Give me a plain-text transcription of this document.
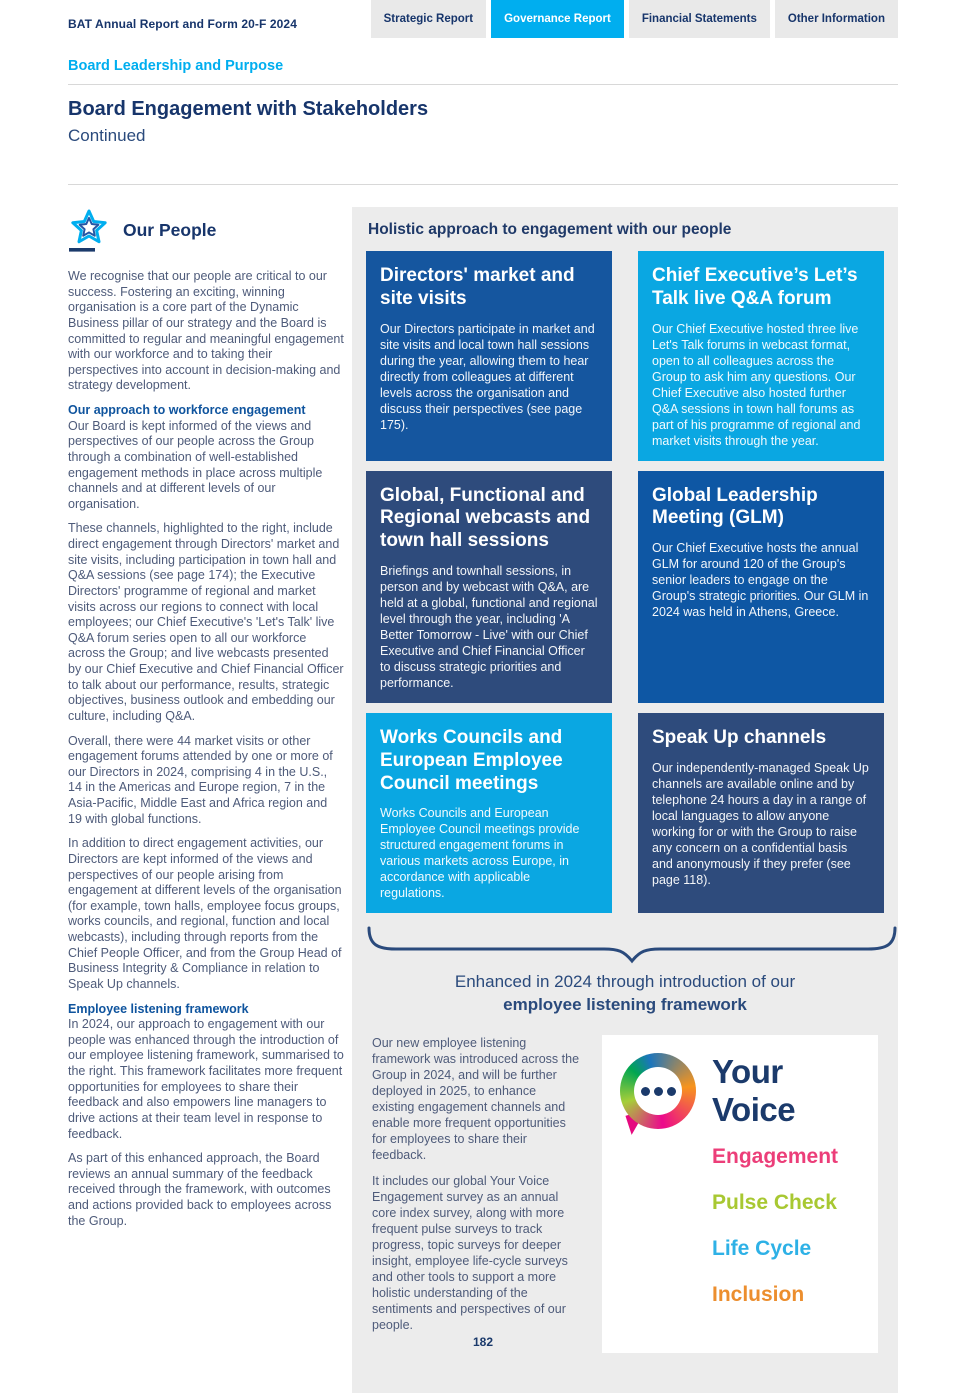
BAT Annual Report and Form 20-F 2024	Strategic Report	Governance Report	Financial Statements	Other Information
Board Leadership and Purpose
Board Engagement with Stakeholders
Continued
Our People

We recognise that our people are critical to our success. Fostering an exciting, winning organisation is a core part of the Dynamic Business pillar of our strategy and the Board is committed to regular and meaningful engagement with our workforce and to taking their perspectives into account in decision-making and strategy development.

Our approach to workforce engagement

Our Board is kept informed of the views and perspectives of our people across the Group through a combination of well-established engagement methods in place across multiple channels and at different levels of our organisation.

These channels, highlighted to the right, include direct engagement through Directors' market and site visits, including participation in town hall and Q&A sessions (see page 174); the Executive Directors' programme of regional and market visits across our regions to connect with local employees; our Chief Executive's 'Let's Talk' live Q&A forum series open to all our workforce across the Group; and live webcasts presented by our Chief Executive and Chief Financial Officer to talk about our performance, results, strategic objectives, business outlook and embedding our culture, including Q&A.

Overall, there were 44 market visits or other engagement forums attended by one or more of our Directors in 2024, comprising 4 in the U.S., 14 in the Americas and Europe region, 7 in the Asia-Pacific, Middle East and Africa region and 19 with global functions.

In addition to direct engagement activities, our Directors are kept informed of the views and perspectives of our people arising from engagement at different levels of the organisation (for example, town halls, employee focus groups, works councils, and regional, function and local webcasts), including through reports from the Chief People Officer, and from the Group Head of Business Integrity & Compliance in relation to Speak Up channels.

Employee listening framework

In 2024, our approach to engagement with our people was enhanced through the introduction of our employee listening framework, summarised to the right. This framework facilitates more frequent opportunities for employees to share their feedback and also empowers line managers to drive actions at their team level in response to feedback.

As part of this enhanced approach, the Board reviews an annual summary of the feedback received through the framework, with outcomes and actions provided back to employees across the Group.

Holistic approach to engagement with our people
Directors' market and site visits
Our Directors participate in market and site visits and local town hall sessions during the year, allowing them to hear directly from colleagues at different levels across the organisation and discuss their perspectives (see page 175).
Chief Executive’s Let’s Talk live Q&A forum
Our Chief Executive hosted three live Let's Talk forums in webcast format, open to all colleagues across the Group to ask him any questions. Our Chief Executive also hosted further Q&A sessions in town hall forums as part of his programme of regional and market visits through the year.
Global, Functional and Regional webcasts and town hall sessions
Briefings and townhall sessions, in person and by webcast with Q&A, are held at a global, functional and regional level through the year, including 'A Better Tomorrow - Live' with our Chief Executive and Chief Financial Officer to discuss strategic priorities and performance.
Global Leadership Meeting (GLM)
Our Chief Executive hosts the annual GLM for around 120 of the Group's senior leaders to engage on the Group's strategic priorities. Our GLM in 2024 was held in Athens, Greece.
Works Councils and European Employee Council meetings
Works Councils and European Employee Council meetings provide structured engagement forums in various markets across Europe, in accordance with applicable regulations.
Speak Up channels
Our independently-managed Speak Up channels are available online and by telephone 24 hours a day in a range of local languages to allow anyone working for or with the Group to raise any concern on a confidential basis and anonymously if they prefer (see page 118).
Enhanced in 2024 through introduction of our
employee listening framework

Our new employee listening framework was introduced across the Group in 2024, and will be further deployed in 2025, to enhance existing engagement channels and enable more frequent opportunities for employees to share their feedback.

It includes our global Your Voice Engagement survey as an annual core index survey, along with more frequent pulse surveys to track progress, topic surveys for deeper insight, employee life-cycle surveys and other tools to support a more holistic understanding of the sentiments and perspectives of our people.

Your Voice
Engagement
Pulse Check
Life Cycle
Inclusion
182
